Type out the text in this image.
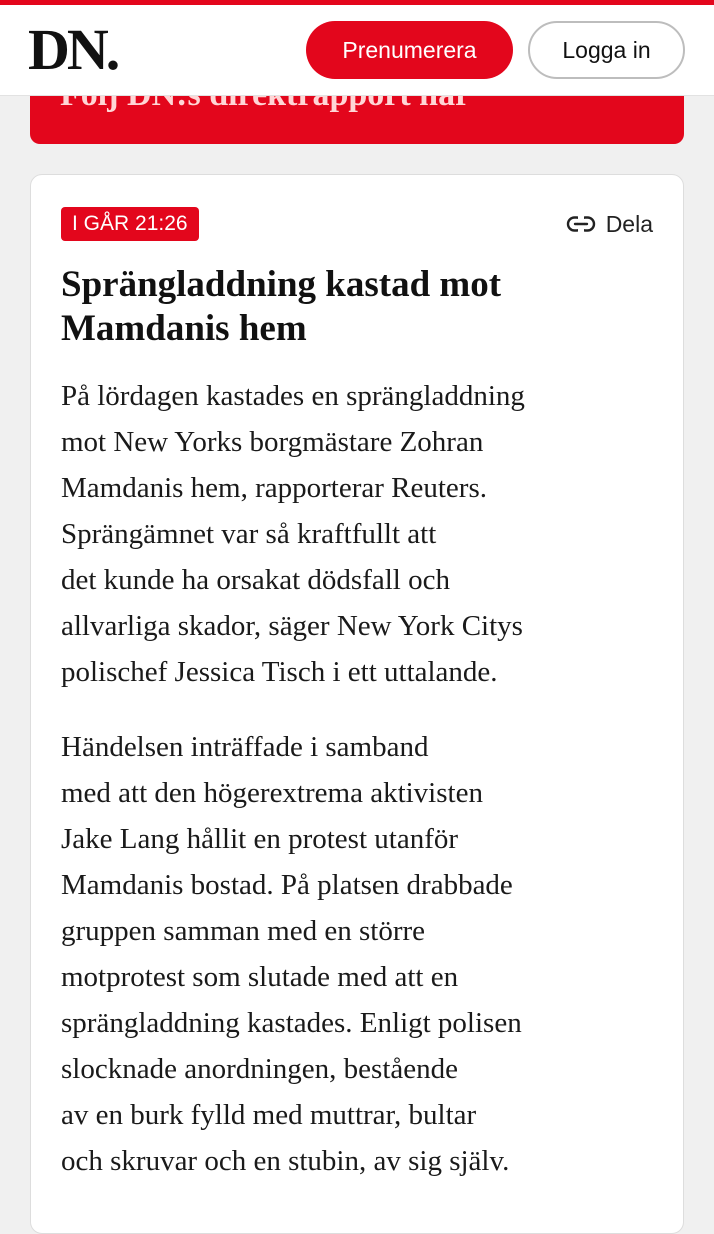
DN.	Prenumerera	Logga in
I GÅR 21:26	Dela
Sprängladdning kastad mot Mamdanis hem

På lördagen kastades en sprängladdning
mot New Yorks borgmästare Zohran
Mamdanis hem, rapporterar Reuters.
Sprängämnet var så kraftfullt att
det kunde ha orsakat dödsfall och
allvarliga skador, säger New York Citys
polischef Jessica Tisch i ett uttalande.

Händelsen inträffade i samband
med att den högerextrema aktivisten
Jake Lang hållit en protest utanför
Mamdanis bostad. På platsen drabbade
gruppen samman med en större
motprotest som slutade med att en
sprängladdning kastades. Enligt polisen
slocknade anordningen, bestående
av en burk fylld med muttrar, bultar
och skruvar och en stubin, av sig själv.
